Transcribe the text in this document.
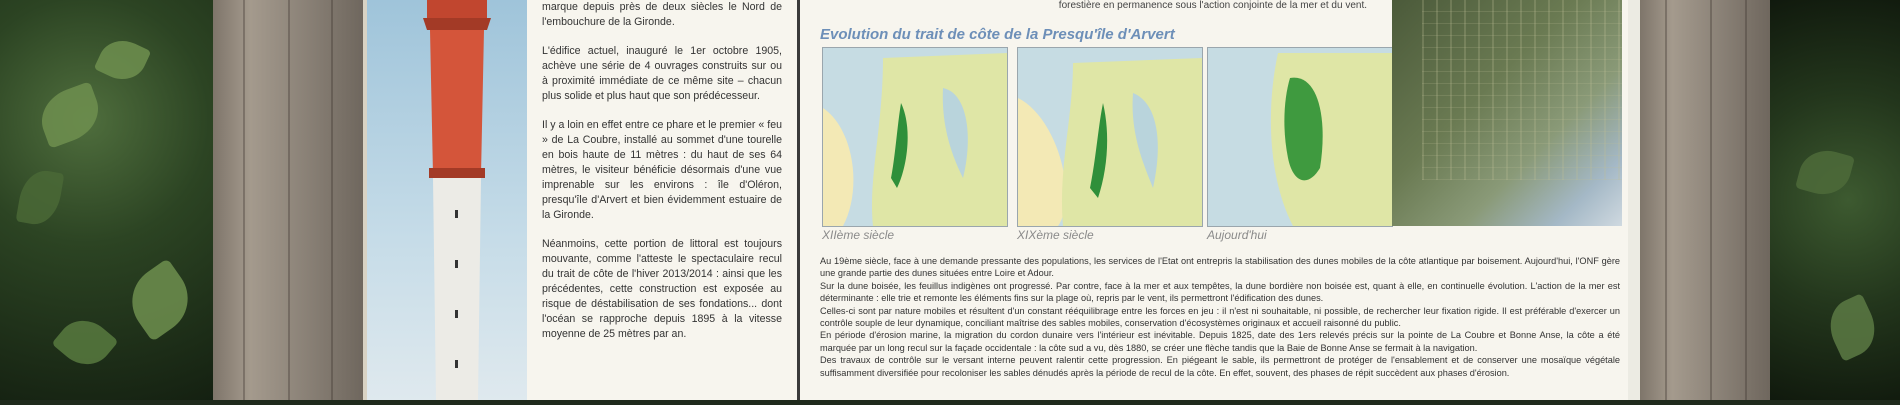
marque depuis près de deux siècles le Nord de l'embouchure de la Gironde.

L'édifice actuel, inauguré le 1er octobre 1905, achève une série de 4 ouvrages construits sur ou à proximité immédiate de ce même site – chacun plus solide et plus haut que son prédécesseur.

Il y a loin en effet entre ce phare et le premier « feu » de La Coubre, installé au sommet d'une tourelle en bois haute de 11 mètres : du haut de ses 64 mètres, le visiteur bénéficie désormais d'une vue imprenable sur les environs : île d'Oléron, presqu'île d'Arvert et bien évidemment estuaire de la Gironde.

Néanmoins, cette portion de littoral est toujours mouvante, comme l'atteste le spectaculaire recul du trait de côte de l'hiver 2013/2014 : ainsi que les précédentes, cette construction est exposée au risque de déstabilisation de ses fondations... dont l'océan se rapproche depuis 1895 à la vitesse moyenne de 25 mètres par an.

forestière en permanence sous l'action conjointe de la mer et du vent.
Evolution du trait de côte de la Presqu'île d'Arvert
XIIème siècle	XIXème siècle	Aujourd'hui

Au 19ème siècle, face à une demande pressante des populations, les services de l'Etat ont entrepris la stabilisation des dunes mobiles de la côte atlantique par boisement. Aujourd'hui, l'ONF gère une grande partie des dunes situées entre Loire et Adour.

Sur la dune boisée, les feuillus indigènes ont progressé. Par contre, face à la mer et aux tempêtes, la dune bordière non boisée est, quant à elle, en continuelle évolution. L'action de la mer est déterminante : elle trie et remonte les éléments fins sur la plage où, repris par le vent, ils permettront l'édification des dunes.

Celles-ci sont par nature mobiles et résultent d'un constant rééquilibrage entre les forces en jeu : il n'est ni souhaitable, ni possible, de rechercher leur fixation rigide. Il est préférable d'exercer un contrôle souple de leur dynamique, conciliant maîtrise des sables mobiles, conservation d'écosystèmes originaux et accueil raisonné du public.

En période d'érosion marine, la migration du cordon dunaire vers l'intérieur est inévitable. Depuis 1825, date des 1ers relevés précis sur la pointe de La Coubre et Bonne Anse, la côte a été marquée par un long recul sur la façade occidentale : la côte sud a vu, dès 1880, se créer une flèche tandis que la Baie de Bonne Anse se fermait à la navigation.

Des travaux de contrôle sur le versant interne peuvent ralentir cette progression. En piégeant le sable, ils permettront de protéger de l'ensablement et de conserver une mosaïque végétale suffisamment diversifiée pour recoloniser les sables dénudés après la période de recul de la côte. En effet, souvent, des phases de répit succèdent aux phases d'érosion.
